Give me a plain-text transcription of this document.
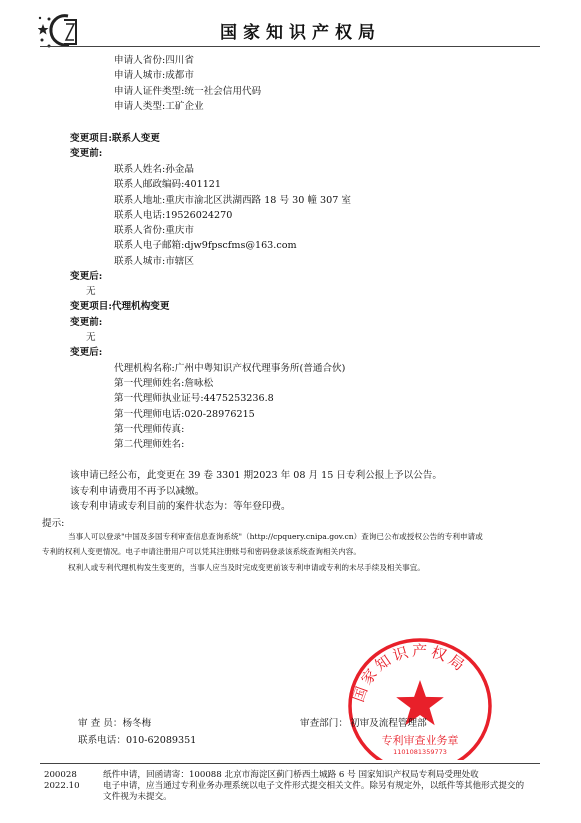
国家知识产权局
申请人省份:四川省
申请人城市:成都市
申请人证件类型:统一社会信用代码
申请人类型:工矿企业
变更项目:联系人变更
变更前:
联系人姓名:孙金晶
联系人邮政编码:401121
联系人地址:重庆市渝北区洪湖西路 18 号 30 幢 307 室
联系人电话:19526024270
联系人省份:重庆市
联系人电子邮箱:djw9fpscfms@163.com
联系人城市:市辖区
变更后:
无
变更项目:代理机构变更
变更前:
无
变更后:
代理机构名称:广州中粤知识产权代理事务所(普通合伙)
第一代理师姓名:詹咏松
第一代理师执业证号:4475253236.8
第一代理师电话:020-28976215
第一代理师传真:
第二代理师姓名:
该申请已经公布，此变更在 39 卷 3301 期2023 年 08 月 15 日专利公报上予以公告。
该专利申请费用不再予以减缴。
该专利申请或专利目前的案件状态为：等年登印费。
提示:
当事人可以登录"中国及多国专利审查信息查询系统"（http://cpquery.cnipa.gov.cn）查询已公布或授权公告的专利申请或
专利的权利人变更情况。电子申请注册用户可以凭其注册账号和密码登录该系统查询相关内容。
权利人或专利代理机构发生变更的，当事人应当及时完成变更前该专利申请或专利的未尽手续及相关事宜。
国家知识产权局
专利审查业务章
1101081359773
审 查 员：杨冬梅
联系电话：010-62089351
审查部门： 初审及流程管理部
200028
2022.10
纸件申请，回函请寄：100088 北京市海淀区蓟门桥西土城路 6 号 国家知识产权局专利局受理处收
电子申请，应当通过专利业务办理系统以电子文件形式提交相关文件。除另有规定外，以纸件等其他形式提交的
文件视为未提交。
